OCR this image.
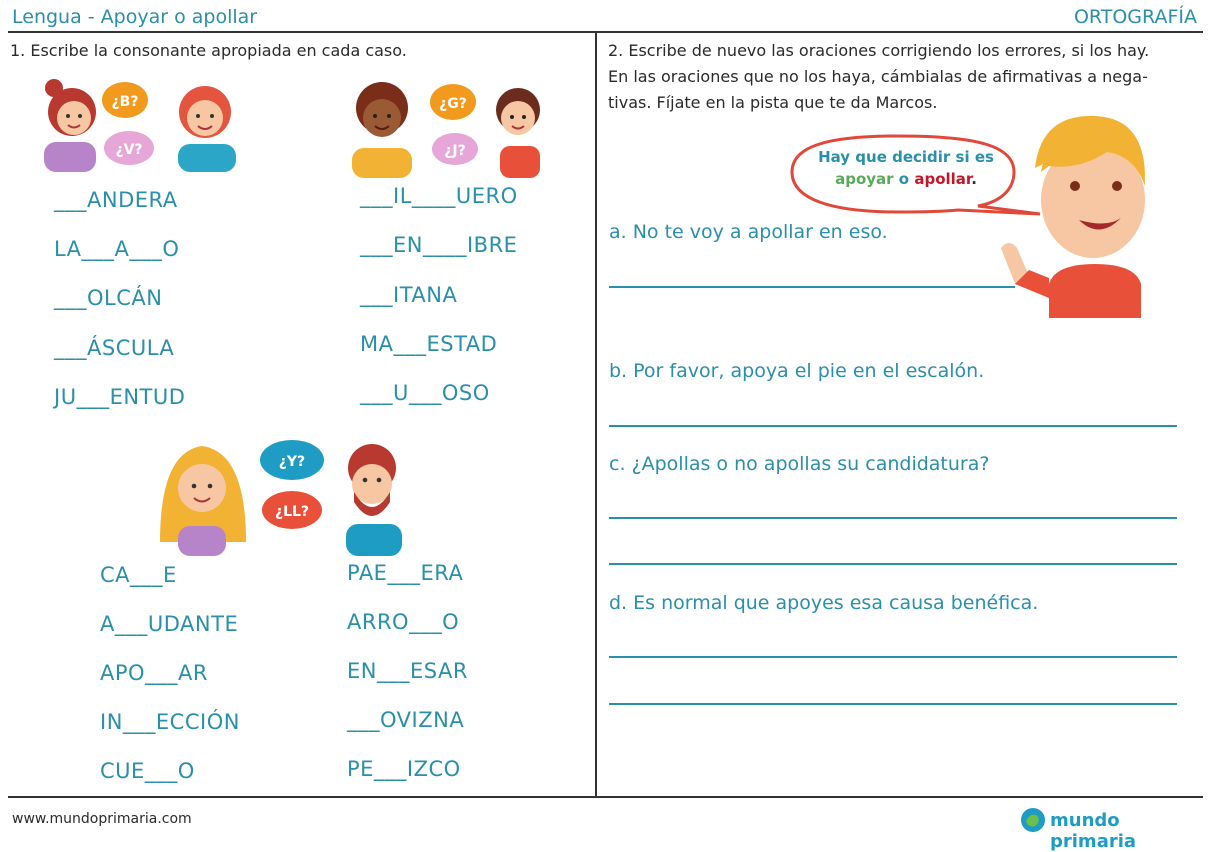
Lengua - Apoyar o apollar	ORTOGRAFÍA
1. Escribe la consonante apropiada en cada caso.
¿B?
¿V?
¿G?
¿J?
___ANDERA
LA___A___O
___OLCÁN
___ÁSCULA
JU___ENTUD
___IL____UERO
___EN____IBRE
___ITANA
MA___ESTAD
___U___OSO
¿Y?
¿LL?
CA___E
A___UDANTE
APO___AR
IN___ECCIÓN
CUE___O
PAE___ERA
ARRO___O
EN___ESAR
___OVIZNA
PE___IZCO
2. Escribe de nuevo las oraciones corrigiendo los errores, si los hay.
En las oraciones que no los haya, cámbialas de afirmativas a nega-
tivas. Fíjate en la pista que te da Marcos.
Hay que decidir si es
apoyar o apollar.
a. No te voy a apollar en eso.
b. Por favor, apoya el pie en el escalón.
c. ¿Apollas o no apollas su candidatura?
d. Es normal que apoyes esa causa benéfica.
www.mundoprimaria.com	mundo primaria
